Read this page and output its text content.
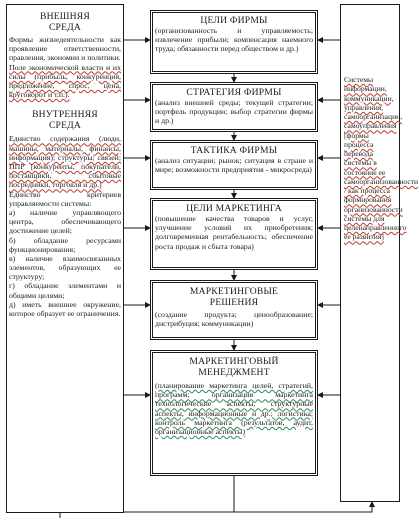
ВНЕШНЯЯ СРЕДА
Формы жизнедеятельности как проявление ответственности, правления, экономии и политики.
Поле экономической власти и их силы (прибыль, конкуренция, предложение, спрос, цена, круговорот и т.п.).
ВНУТРЕННЯЯ СРЕДА
Единство содержания (люди, машины, материалы, финансы, информация); структуры; связей; ППР [конкуренты, покупатели, поставщики, сбытовые посредники, торговля и др.]
Единство критериев управляемости системы:
а) наличие управляющего центра, обеспечивающего достижение целей;
б) обладание ресурсами функционирования;
в) наличие взаимосвязанных элементов, образующих ее структуру;
г) обладание элементами и общими целями;
д) иметь внешнее окружение, которое образует ее ограничения.
ЦЕЛИ ФИРМЫ
(организованность и управляемость; извлечение прибыли; компенсация наемного труда; обязанности перед обществом и др.)
СТРАТЕГИЯ ФИРМЫ
(анализ внешней среды; текущей стратегии; портфель продукции; выбор стратегии фирмы и др.)
ТАКТИКА ФИРМЫ
(анализ ситуации; рынок; ситуация в стране и мире; возможности предприятия - микросреда)
ЦЕЛИ МАРКЕТИНГА
(повышение качества товаров и услуг, улучшение условий их приобретения; долговременная рентабельность; обеспечение роста продаж и сбыта товара)
МАРКЕТИНГОВЫЕ РЕШЕНИЯ
(создание продукта; ценообразование; дистрибуция; коммуникации)
МАРКЕТИНГОВЫЙ МЕНЕДЖМЕНТ
(планирование маркетинга целей, стратегий, программ; организация маркетинга технологические аспекты, структурные аспекты, информационные и др.; логистика; контроль маркетинга (результатов, аудит, организационные аспекты)
Системы информации, коммуникации, управления, самоорганизации, самоуправления [формы процесса перевода системы в состояние ее самоорганизованности / как процесса формирования организованности системы для целенаправленного ее развития]
